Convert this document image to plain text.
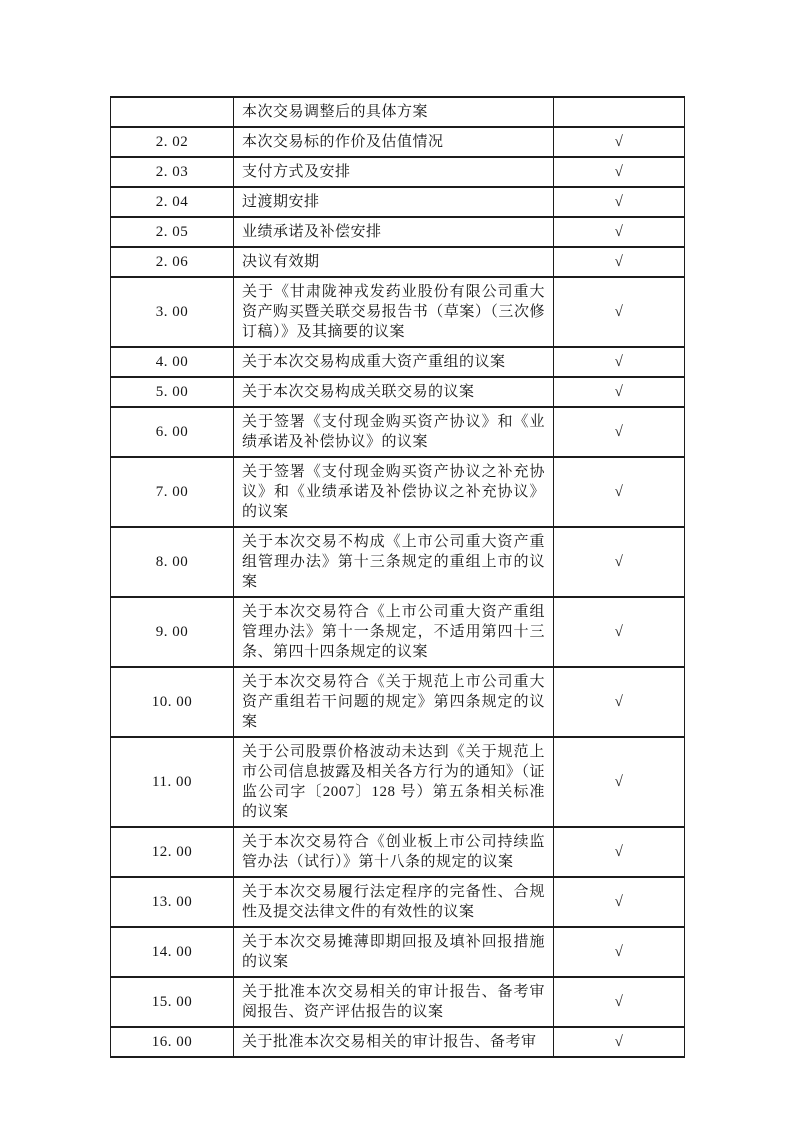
	本次交易调整后的具体方案	
2. 02	本次交易标的作价及估值情况	√
2. 03	支付方式及安排	√
2. 04	过渡期安排	√
2. 05	业绩承诺及补偿安排	√
2. 06	决议有效期	√
3. 00	关于《甘肃陇神戎发药业股份有限公司重大资产购买暨关联交易报告书（草案）（三次修订稿）》及其摘要的议案	√
4. 00	关于本次交易构成重大资产重组的议案	√
5. 00	关于本次交易构成关联交易的议案	√
6. 00	关于签署《支付现金购买资产协议》和《业绩承诺及补偿协议》的议案	√
7. 00	关于签署《支付现金购买资产协议之补充协议》和《业绩承诺及补偿协议之补充协议》的议案	√
8. 00	关于本次交易不构成《上市公司重大资产重组管理办法》第十三条规定的重组上市的议案	√
9. 00	关于本次交易符合《上市公司重大资产重组管理办法》第十一条规定，不适用第四十三条、第四十四条规定的议案	√
10. 00	关于本次交易符合《关于规范上市公司重大资产重组若干问题的规定》第四条规定的议案	√
11. 00	关于公司股票价格波动未达到《关于规范上市公司信息披露及相关各方行为的通知》（证监公司字〔2007〕128 号）第五条相关标准的议案	√
12. 00	关于本次交易符合《创业板上市公司持续监管办法（试行）》第十八条的规定的议案	√
13. 00	关于本次交易履行法定程序的完备性、合规性及提交法律文件的有效性的议案	√
14. 00	关于本次交易摊薄即期回报及填补回报措施的议案	√
15. 00	关于批准本次交易相关的审计报告、备考审阅报告、资产评估报告的议案	√
16. 00	关于批准本次交易相关的审计报告、备考审	√
